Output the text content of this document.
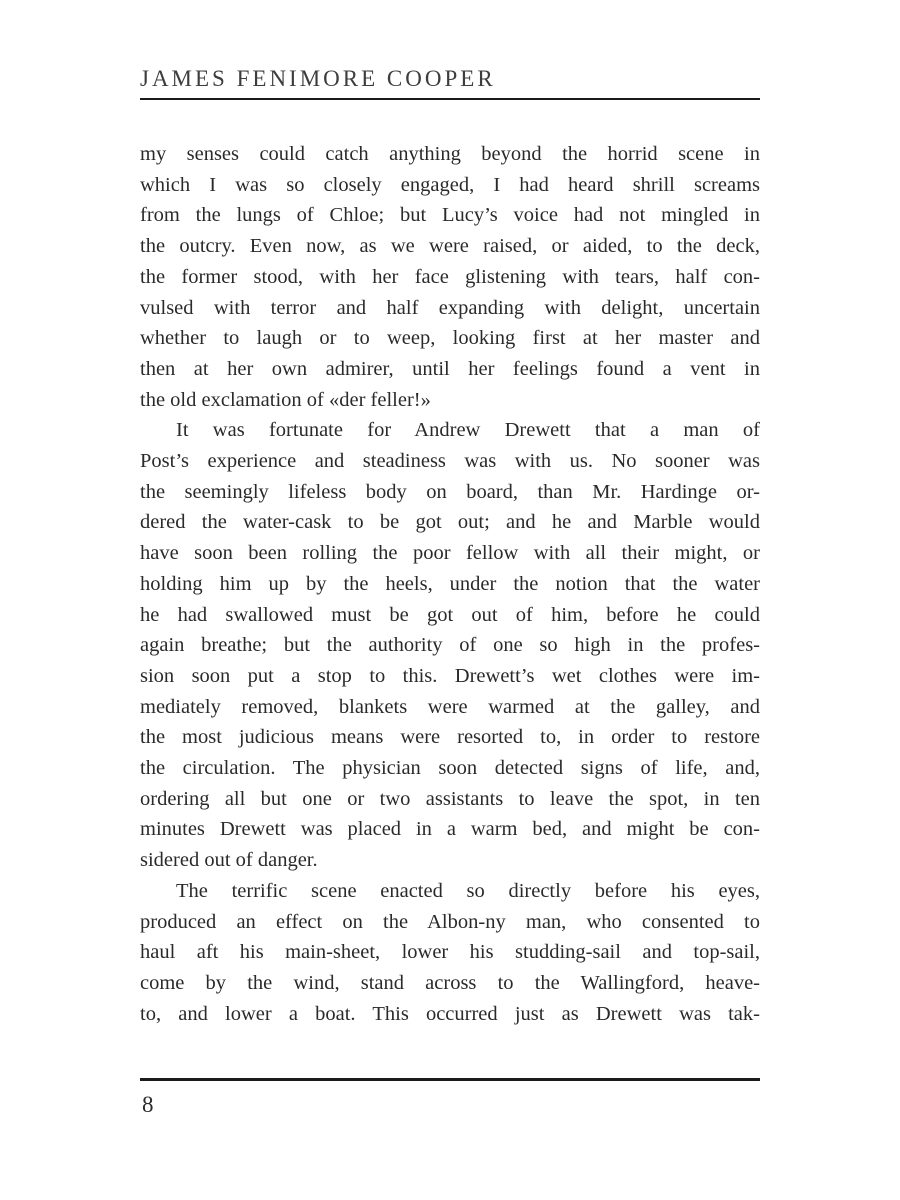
JAMES FENIMORE COOPER

my senses could catch anything beyond the horrid scene in
which I was so closely engaged, I had heard shrill screams
from the lungs of Chloe; but Lucy’s voice had not mingled in
the outcry. Even now, as we were raised, or aided, to the deck,
the former stood, with her face glistening with tears, half con-
vulsed with terror and half expanding with delight, uncertain
whether to laugh or to weep, looking first at her master and
then at her own admirer, until her feelings found a vent in
the old exclamation of «der feller!»

It was fortunate for Andrew Drewett that a man of
Post’s experience and steadiness was with us. No sooner was
the seemingly lifeless body on board, than Mr. Hardinge or-
dered the water-cask to be got out; and he and Marble would
have soon been rolling the poor fellow with all their might, or
holding him up by the heels, under the notion that the water
he had swallowed must be got out of him, before he could
again breathe; but the authority of one so high in the profes-
sion soon put a stop to this. Drewett’s wet clothes were im-
mediately removed, blankets were warmed at the galley, and
the most judicious means were resorted to, in order to restore
the circulation. The physician soon detected signs of life, and,
ordering all but one or two assistants to leave the spot, in ten
minutes Drewett was placed in a warm bed, and might be con-
sidered out of danger.

The terrific scene enacted so directly before his eyes,
produced an effect on the Albon-ny man, who consented to
haul aft his main-sheet, lower his studding-sail and top-sail,
come by the wind, stand across to the Wallingford, heave-
to, and lower a boat. This occurred just as Drewett was tak-

8
